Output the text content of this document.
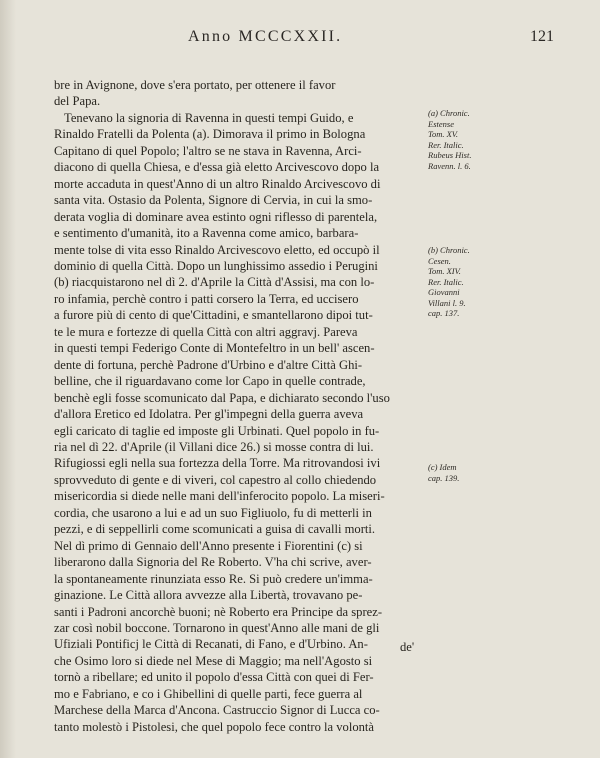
Anno MCCCXXII.	121
bre in Avignone, dove s'era portato, per ottenere il favor
del Papa.
Tenevano la signoria di Ravenna in questi tempi Guido, e
Rinaldo Fratelli da Polenta (a). Dimorava il primo in Bologna
Capitano di quel Popolo; l'altro se ne stava in Ravenna, Arci-
diacono di quella Chiesa, e d'essa già eletto Arcivescovo dopo la
morte accaduta in quest'Anno di un altro Rinaldo Arcivescovo di
santa vita. Ostasio da Polenta, Signore di Cervia, in cui la smo-
derata voglia di dominare avea estinto ogni riflesso di parentela,
e sentimento d'umanità, ito a Ravenna come amico, barbara-
mente tolse di vita esso Rinaldo Arcivescovo eletto, ed occupò il
dominio di quella Città. Dopo un lunghissimo assedio i Perugini
(b) riacquistarono nel dì 2. d'Aprile la Città d'Assisi, ma con lo-
ro infamia, perchè contro i patti corsero la Terra, ed uccisero
a furore più di cento di que'Cittadini, e smantellarono dipoi tut-
te le mura e fortezze di quella Città con altri aggravj. Pareva
in questi tempi Federigo Conte di Montefeltro in un bell' ascen-
dente di fortuna, perchè Padrone d'Urbino e d'altre Città Ghi-
belline, che il riguardavano come lor Capo in quelle contrade,
benchè egli fosse scomunicato dal Papa, e dichiarato secondo l'uso
d'allora Eretico ed Idolatra. Per gl'impegni della guerra aveva
egli caricato di taglie ed imposte gli Urbinati. Quel popolo in fu-
ria nel dì 22. d'Aprile (il Villani dice 26.) si mosse contra di lui.
Rifugiossi egli nella sua fortezza della Torre. Ma ritrovandosi ivi
sprovveduto di gente e di viveri, col capestro al collo chiedendo
misericordia si diede nelle mani dell'inferocito popolo. La miseri-
cordia, che usarono a lui e ad un suo Figliuolo, fu di metterli in
pezzi, e di seppellirli come scomunicati a guisa di cavalli morti.
Nel dì primo di Gennaio dell'Anno presente i Fiorentini (c) si
liberarono dalla Signoria del Re Roberto. V'ha chi scrive, aver-
la spontaneamente rinunziata esso Re. Si può credere un'imma-
ginazione. Le Città allora avvezze alla Libertà, trovavano pe-
santi i Padroni ancorchè buoni; nè Roberto era Principe da sprez-
zar così nobil boccone. Tornarono in quest'Anno alle mani de gli
Ufiziali Pontificj le Città di Recanati, di Fano, e d'Urbino. An-
che Osimo loro si diede nel Mese di Maggio; ma nell'Agosto si
tornò a ribellare; ed unito il popolo d'essa Città con quei di Fer-
mo e Fabriano, e co i Ghibellini di quelle parti, fece guerra al
Marchese della Marca d'Ancona. Castruccio Signor di Lucca co-
tanto molestò i Pistolesi, che quel popolo fece contro la volontà
de'
(a) Chronic.
Estense
Tom. XV.
Rer. Italic.
Rubeus Hist.
Ravenn. l. 6.
(b) Chronic.
Cesen.
Tom. XIV.
Rer. Italic.
Giovanni
Villani l. 9.
cap. 137.
(c) Idem
cap. 139.
